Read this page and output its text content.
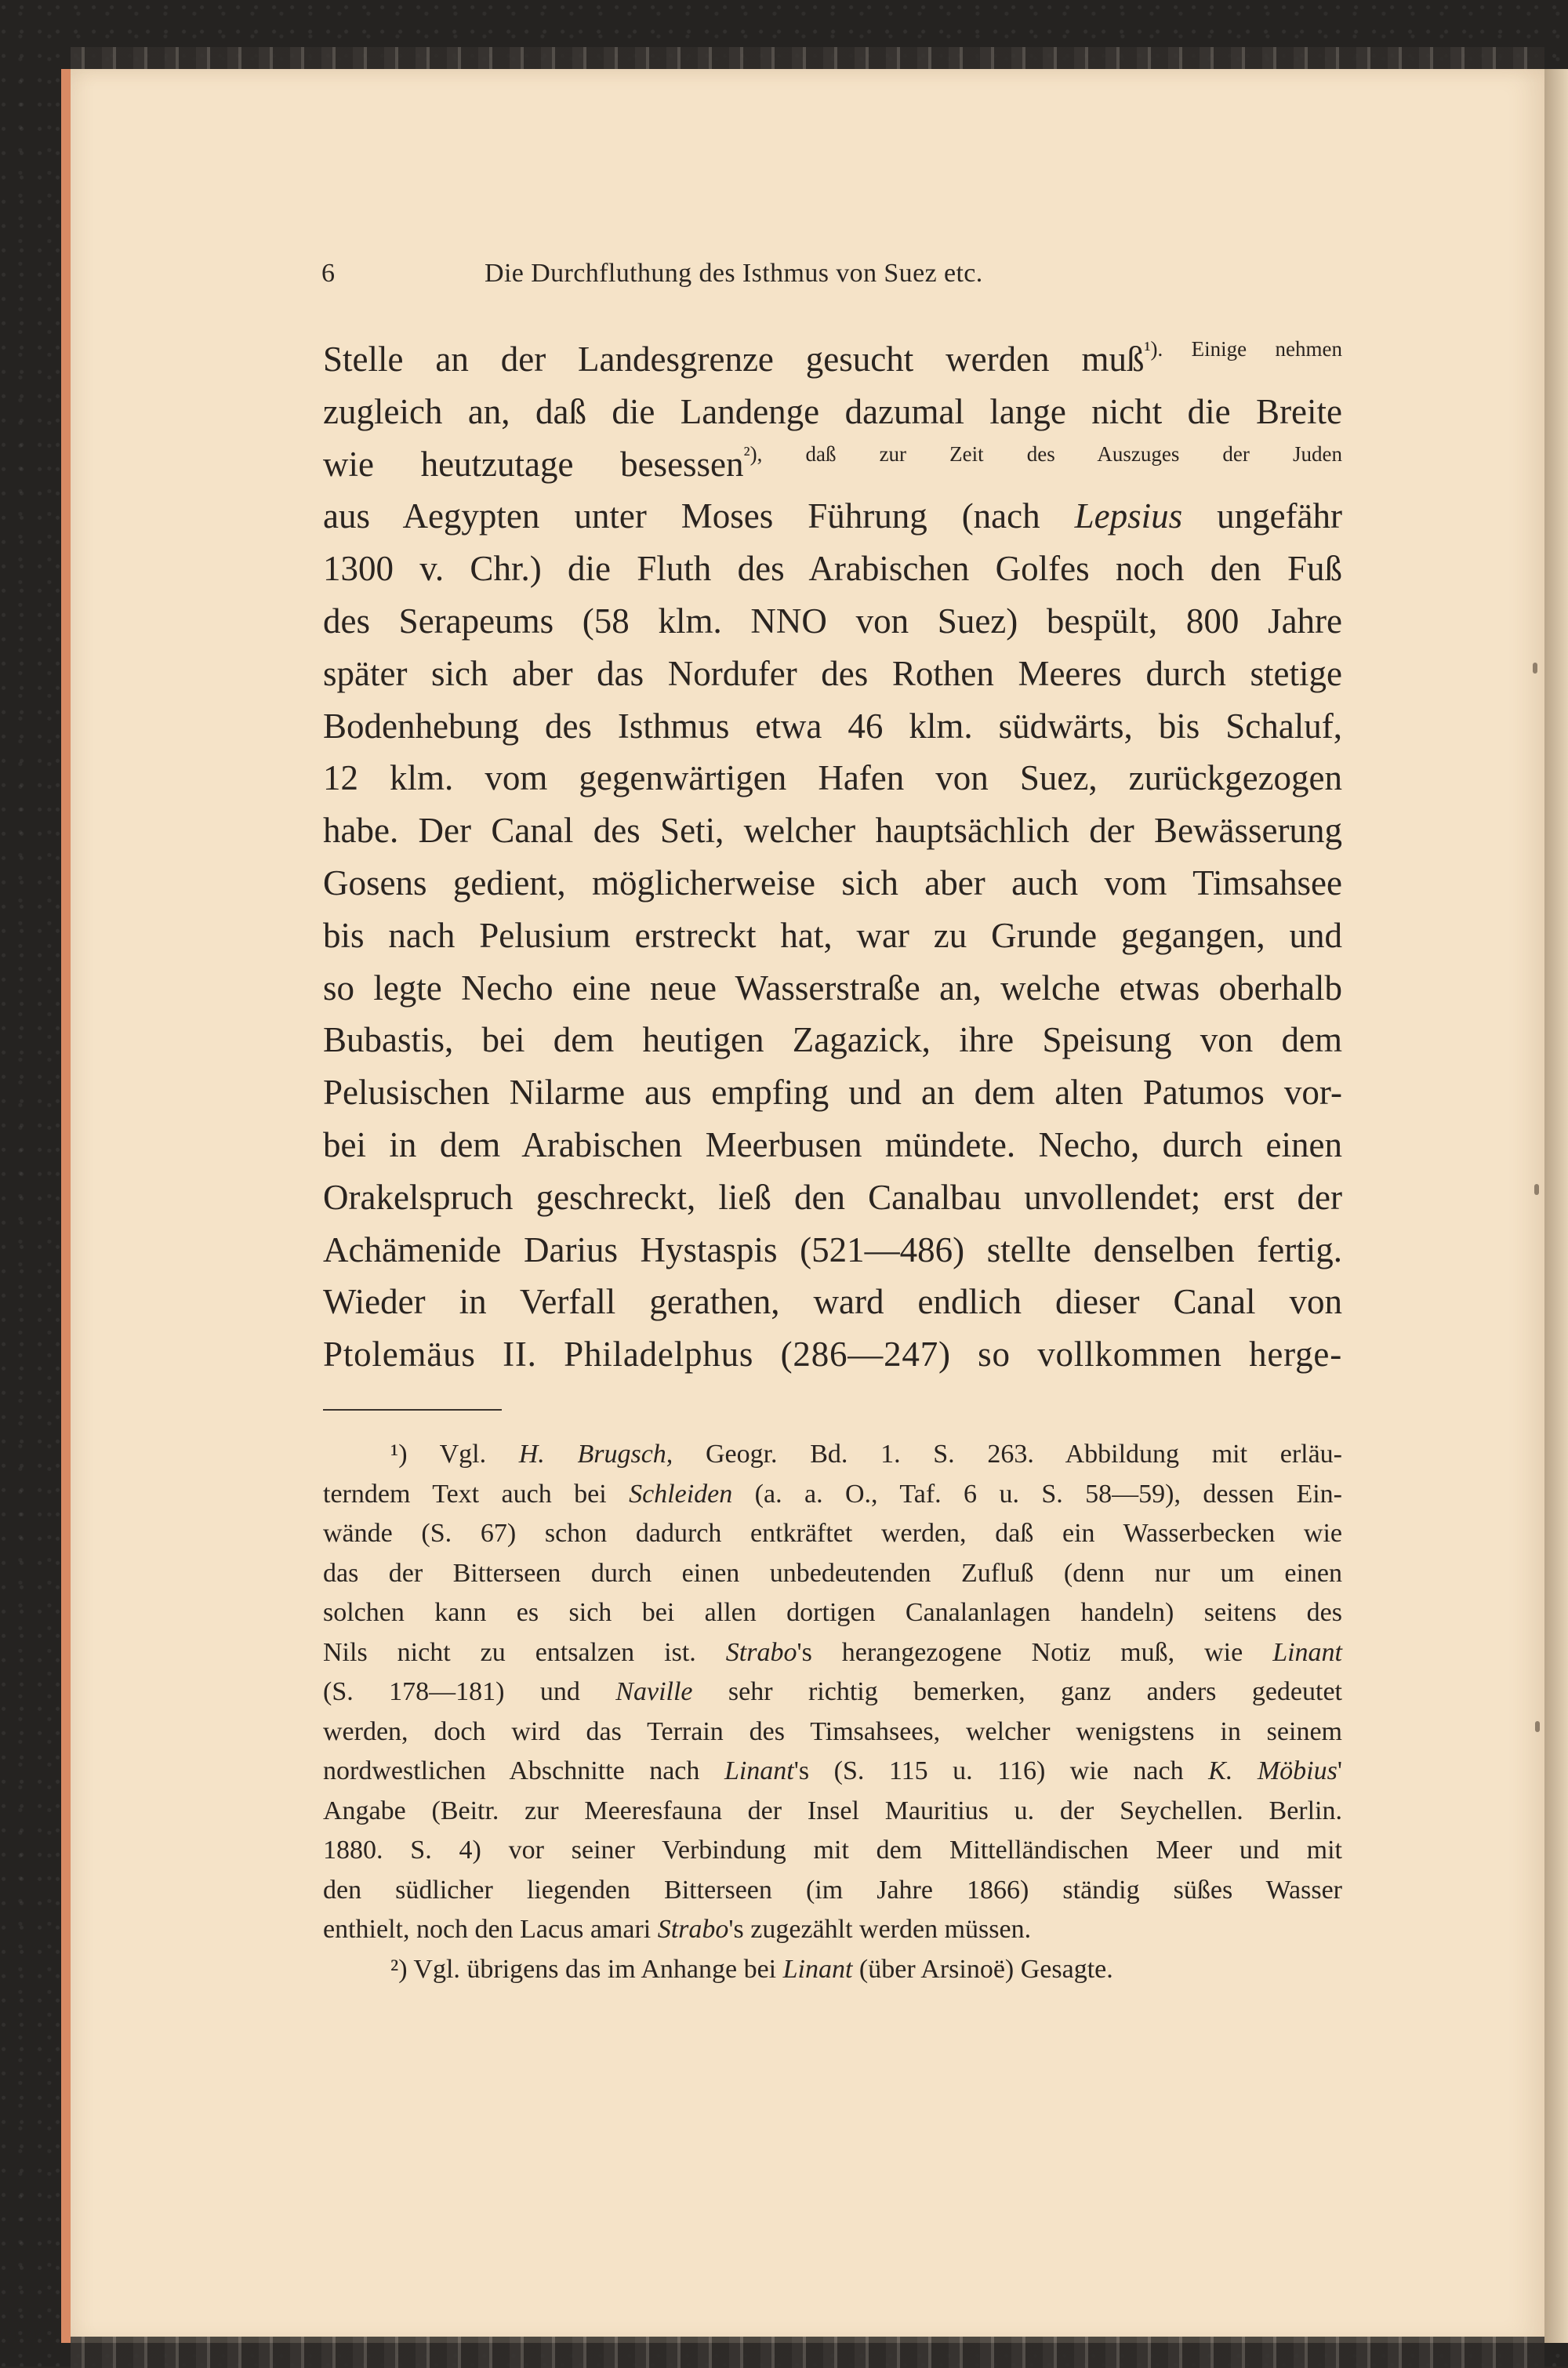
6	Die Durchfluthung des Isthmus von Suez etc.
Stelle an der Landesgrenze gesucht werden muß$^{^1). Einige nehmen}$
zugleich an, daß die Landenge dazumal lange nicht die Breite
wie heutzutage besessen$^{^2), daß zur Zeit des Auszuges der Juden}$
aus Aegypten unter Moses Führung (nach Lepsius ungefähr
1300 v. Chr.) die Fluth des Arabischen Golfes noch den Fuß
des Serapeums (58 klm. NNO von Suez) bespült, 800 Jahre
später sich aber das Nordufer des Rothen Meeres durch stetige
Bodenhebung des Isthmus etwa 46 klm. südwärts, bis Schaluf,
12 klm. vom gegenwärtigen Hafen von Suez, zurückgezogen
habe. Der Canal des Seti, welcher hauptsächlich der Bewässerung
Gosens gedient, möglicherweise sich aber auch vom Timsahsee
bis nach Pelusium erstreckt hat, war zu Grunde gegangen, und
so legte Necho eine neue Wasserstraße an, welche etwas oberhalb
Bubastis, bei dem heutigen Zagazick, ihre Speisung von dem
Pelusischen Nilarme aus empfing und an dem alten Patumos vor-
bei in dem Arabischen Meerbusen mündete. Necho, durch einen
Orakelspruch geschreckt, ließ den Canalbau unvollendet; erst der
Achämenide Darius Hystaspis (521—486) stellte denselben fertig.
Wieder in Verfall gerathen, ward endlich dieser Canal von
Ptolemäus II. Philadelphus (286—247) so vollkommen herge-
¹) Vgl. H. Brugsch, Geogr. Bd. 1. S. 263. Abbildung mit erläu-
terndem Text auch bei Schleiden (a. a. O., Taf. 6 u. S. 58—59), dessen Ein-
wände (S. 67) schon dadurch entkräftet werden, daß ein Wasserbecken wie
das der Bitterseen durch einen unbedeutenden Zufluß (denn nur um einen
solchen kann es sich bei allen dortigen Canalanlagen handeln) seitens des
Nils nicht zu entsalzen ist. Strabo's herangezogene Notiz muß, wie Linant
(S. 178—181) und Naville sehr richtig bemerken, ganz anders gedeutet
werden, doch wird das Terrain des Timsahsees, welcher wenigstens in seinem
nordwestlichen Abschnitte nach Linant's (S. 115 u. 116) wie nach K. Möbius'
Angabe (Beitr. zur Meeresfauna der Insel Mauritius u. der Seychellen. Berlin.
1880. S. 4) vor seiner Verbindung mit dem Mittelländischen Meer und mit
den südlicher liegenden Bitterseen (im Jahre 1866) ständig süßes Wasser
enthielt, noch den Lacus amari Strabo's zugezählt werden müssen.
²) Vgl. übrigens das im Anhange bei Linant (über Arsinoë) Gesagte.
